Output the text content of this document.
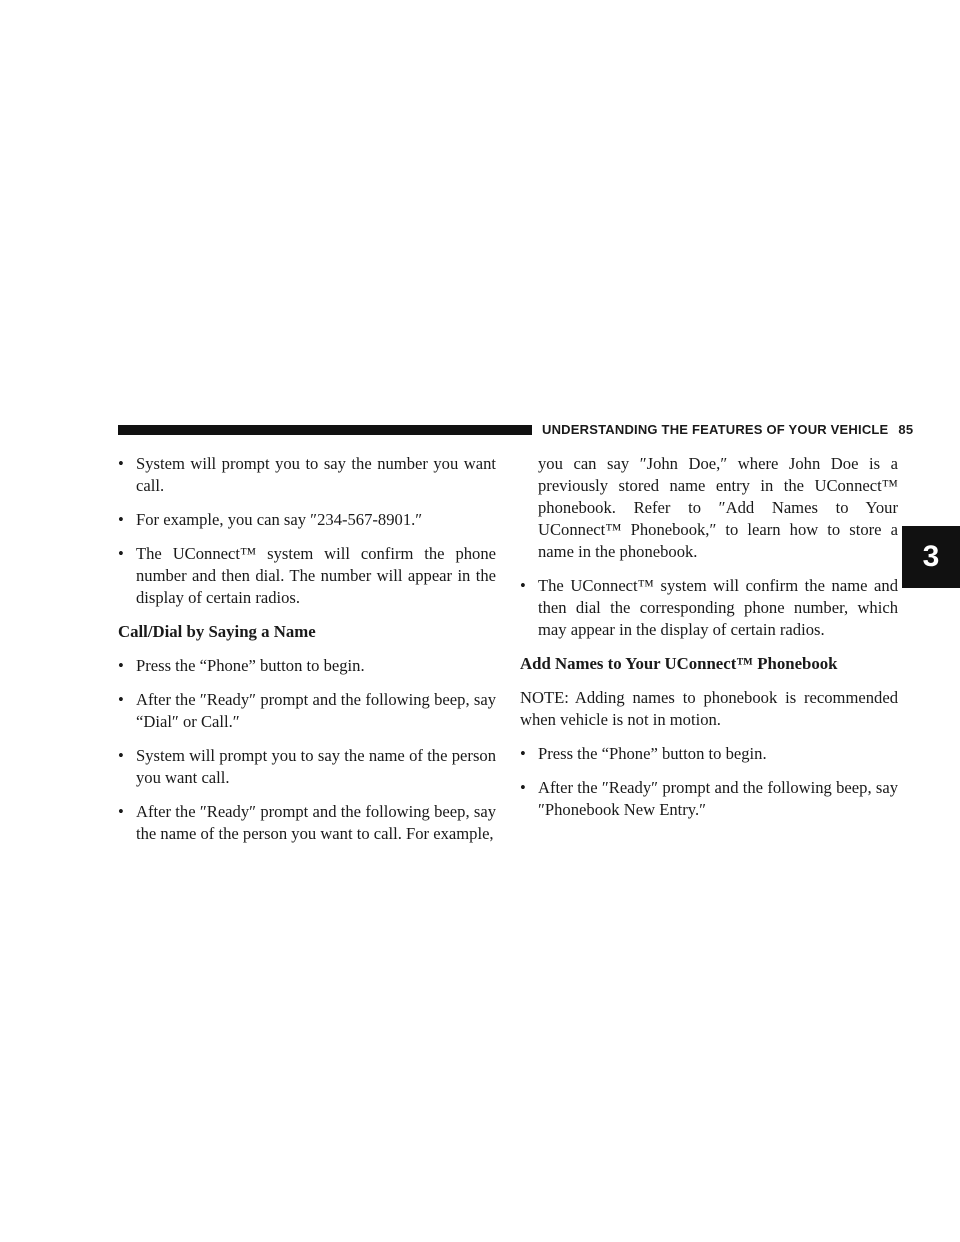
UNDERSTANDING THE FEATURES OF YOUR VEHICLE 85
3

• System will prompt you to say the number you want call.

• For example, you can say ″234-567-8901.″

• The UConnect™ system will confirm the phone number and then dial. The number will appear in the display of certain radios.

Call/Dial by Saying a Name

• Press the “Phone” button to begin.

• After the ″Ready″ prompt and the following beep, say “Dial″ or Call.″

• System will prompt you to say the name of the person you want call.

• After the ″Ready″ prompt and the following beep, say the name of the person you want to call. For example,

you can say ″John Doe,″ where John Doe is a previously stored name entry in the UConnect™ phonebook. Refer to ″Add Names to Your UConnect™ Phonebook,″ to learn how to store a name in the phonebook.

• The UConnect™ system will confirm the name and then dial the corresponding phone number, which may appear in the display of certain radios.

Add Names to Your UConnect™ Phonebook

NOTE: Adding names to phonebook is recommended when vehicle is not in motion.

• Press the “Phone” button to begin.

• After the ″Ready″ prompt and the following beep, say ″Phonebook New Entry.″
